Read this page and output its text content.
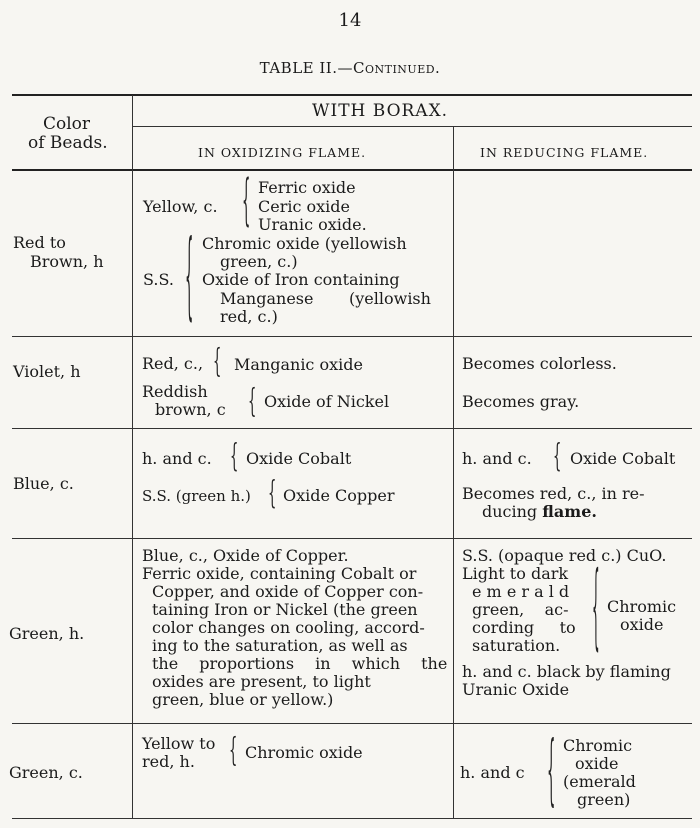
14
TABLE II.—Continued.
Color
of Beads.
WITH BORAX.
IN OXIDIZING FLAME.	IN REDUCING FLAME.
Red to
Brown, h
Yellow, c. { Ferric oxide
Ceric oxide
Uranic oxide.
S.S. { Chromic oxide (yellowish
green, c.)
Oxide of Iron containing
Manganese (yellowish
red, c.)
Violet, h	Red, c., { Manganic oxide
Reddish
brown, c { Oxide of Nickel
Becomes colorless.
Becomes gray.
Blue, c.
h. and c. { Oxide Cobalt
S.S. (green h.) { Oxide Copper
h. and c. { Oxide Cobalt
Becomes red, c., in re-
ducing flame.
Green, h.
Blue, c., Oxide of Copper.
Ferric oxide, containing Cobalt or
Copper, and oxide of Copper con-
taining Iron or Nickel (the green
color changes on cooling, accord-
ing to the saturation, as well as
the proportions in which the
oxides are present, to light
green, blue or yellow.)
S.S. (opaque red c.) CuO.
Light to dark
e m e r a l d
green,    ac-
cording     to
saturation. { Chromic
oxide
h. and c. black by flaming
Uranic Oxide
Green, c.
Yellow to
red, h. { Chromic oxide
h. and c { Chromic
oxide
(emerald
green)
